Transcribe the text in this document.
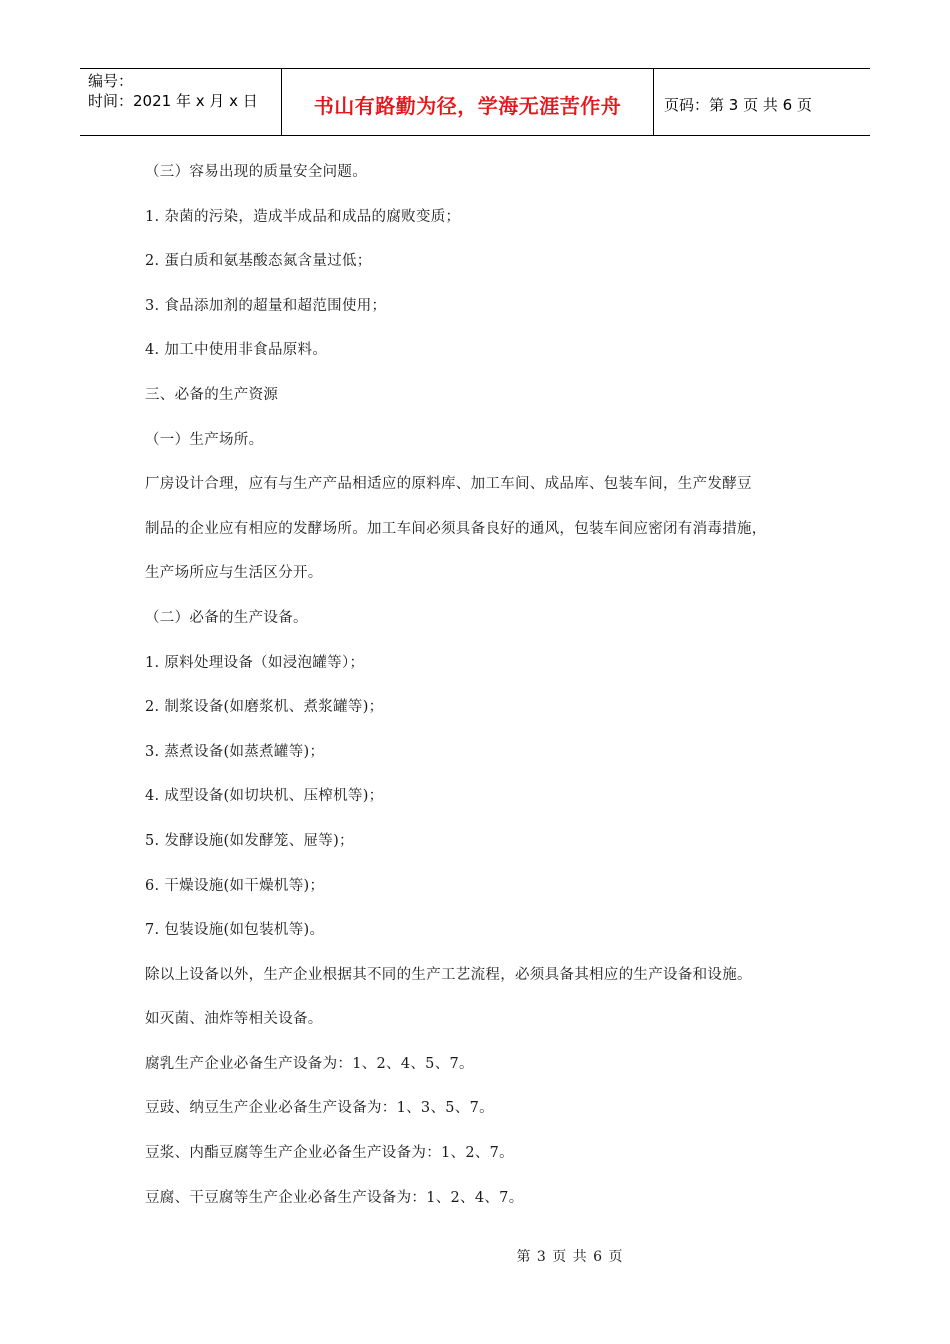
编号：
时间：2021 年 x 月 x 日	书山有路勤为径，学海无涯苦作舟	页码：第 3 页 共 6 页
（三）容易出现的质量安全问题。
1. 杂菌的污染，造成半成品和成品的腐败变质；
2. 蛋白质和氨基酸态氮含量过低；
3. 食品添加剂的超量和超范围使用；
4. 加工中使用非食品原料。
三、必备的生产资源
（一）生产场所。
厂房设计合理，应有与生产产品相适应的原料库、加工车间、成品库、包装车间，生产发酵豆
制品的企业应有相应的发酵场所。加工车间必须具备良好的通风，包装车间应密闭有消毒措施，
生产场所应与生活区分开。
（二）必备的生产设备。
1. 原料处理设备（如浸泡罐等）；
2. 制浆设备(如磨浆机、煮浆罐等)；
3. 蒸煮设备(如蒸煮罐等)；
4. 成型设备(如切块机、压榨机等)；
5. 发酵设施(如发酵笼、屉等)；
6. 干燥设施(如干燥机等)；
7. 包装设施(如包装机等)。
除以上设备以外，生产企业根据其不同的生产工艺流程，必须具备其相应的生产设备和设施。
如灭菌、油炸等相关设备。
腐乳生产企业必备生产设备为：1、2、4、5、7。
豆豉、纳豆生产企业必备生产设备为：1、3、5、7。
豆浆、内酯豆腐等生产企业必备生产设备为：1、2、7。
豆腐、干豆腐等生产企业必备生产设备为：1、2、4、7。
第 3 页 共 6 页
